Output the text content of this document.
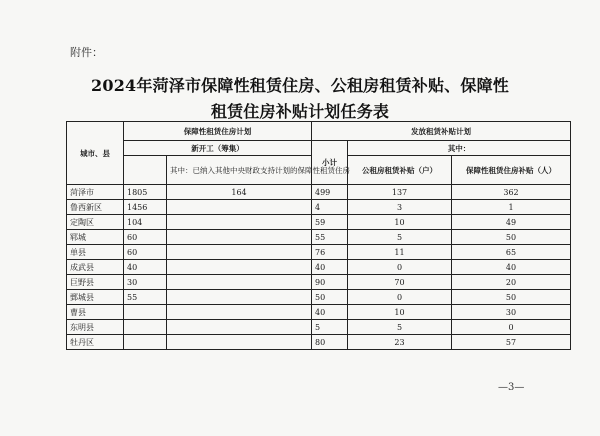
附件：
2024年菏泽市保障性租赁住房、公租房租赁补贴、保障性
租赁住房补贴计划任务表
城市、县	保障性租赁住房计划		发放租赁补贴计划		
	新开工（筹集）		小计	其中：	
		其中：已纳入其他中央财政支持计划的保障性租赁住房		公租房租赁补贴（户）	保障性租赁住房补贴（人）
菏泽市	1805	164	499	137	362
鲁西新区	1456		4	3	1
定陶区	104		59	10	49
郓城	60		55	5	50
单县	60		76	11	65
成武县	40		40	0	40
巨野县	30		90	70	20
鄄城县	55		50	0	50
曹县			40	10	30
东明县			5	5	0
牡丹区			80	23	57
—3—
